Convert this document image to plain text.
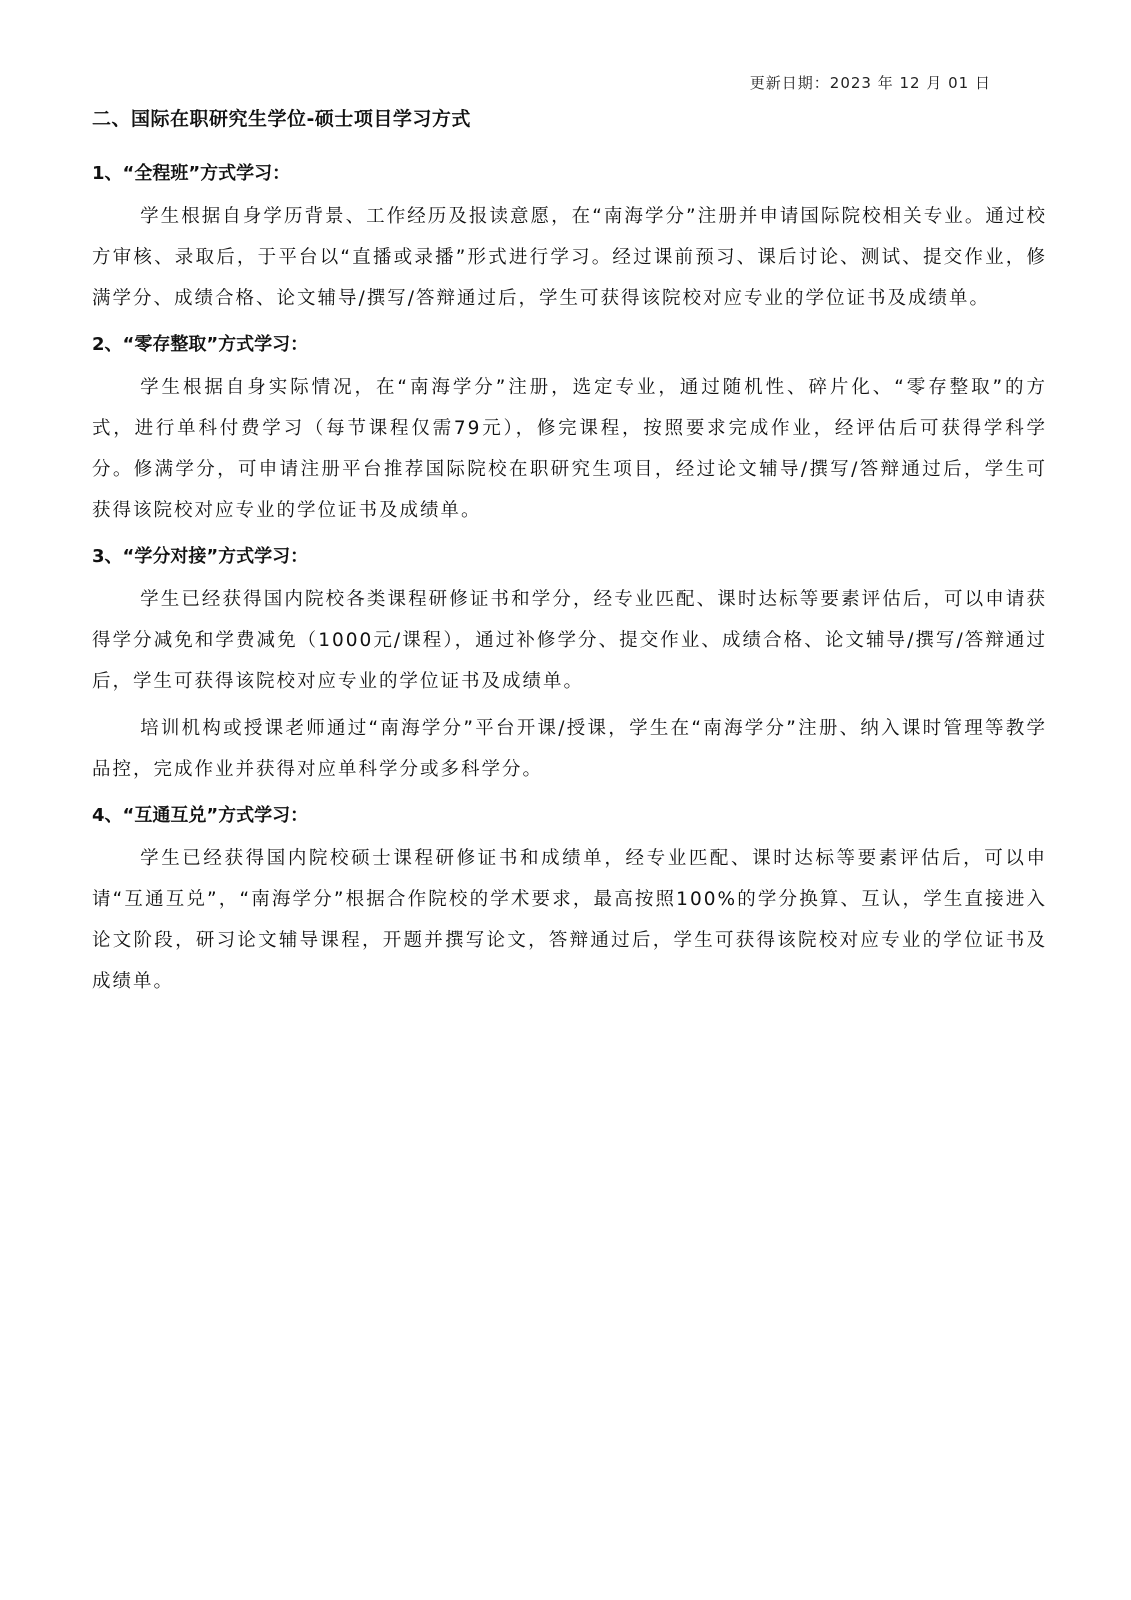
更新日期：2023 年 12 月 01 日
二、国际在职研究生学位-硕士项目学习方式
1、“全程班”方式学习：

学生根据自身学历背景、工作经历及报读意愿，在“南海学分”注册并申请国际院校相关专业。通过校方审核、录取后，于平台以“直播或录播”形式进行学习。经过课前预习、课后讨论、测试、提交作业，修满学分、成绩合格、论文辅导/撰写/答辩通过后，学生可获得该院校对应专业的学位证书及成绩单。

2、“零存整取”方式学习：

学生根据自身实际情况，在“南海学分”注册，选定专业，通过随机性、碎片化、“零存整取”的方式，进行单科付费学习（每节课程仅需79元），修完课程，按照要求完成作业，经评估后可获得学科学分。修满学分，可申请注册平台推荐国际院校在职研究生项目，经过论文辅导/撰写/答辩通过后，学生可获得该院校对应专业的学位证书及成绩单。

3、“学分对接”方式学习：

学生已经获得国内院校各类课程研修证书和学分，经专业匹配、课时达标等要素评估后，可以申请获得学分减免和学费减免（1000元/课程），通过补修学分、提交作业、成绩合格、论文辅导/撰写/答辩通过后，学生可获得该院校对应专业的学位证书及成绩单。

培训机构或授课老师通过“南海学分”平台开课/授课，学生在“南海学分”注册、纳入课时管理等教学品控，完成作业并获得对应单科学分或多科学分。

4、“互通互兑”方式学习：

学生已经获得国内院校硕士课程研修证书和成绩单，经专业匹配、课时达标等要素评估后，可以申请“互通互兑”，“南海学分”根据合作院校的学术要求，最高按照100%的学分换算、互认，学生直接进入论文阶段，研习论文辅导课程，开题并撰写论文，答辩通过后，学生可获得该院校对应专业的学位证书及成绩单。
